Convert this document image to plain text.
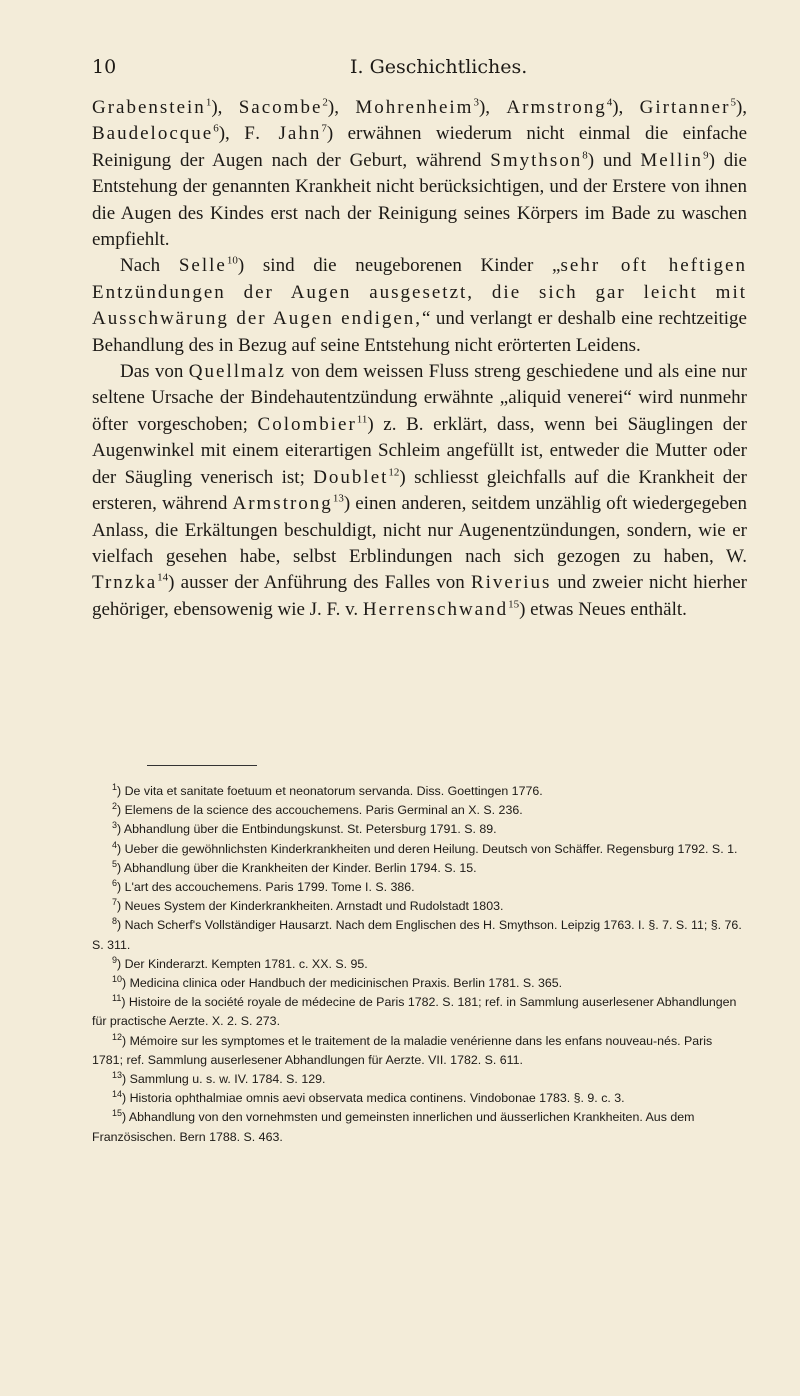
10	I. Geschichtliches.

Grabenstein$^1$), Sacombe$^2$), Mohrenheim$^3$), Armstrong$^4$), Girtanner$^5$), Baudelocque$^6$), F. Jahn$^7$) erwähnen wiederum nicht einmal die einfache Reinigung der Augen nach der Geburt, während Smythson$^8$) und Mellin$^9$) die Entstehung der genannten Krankheit nicht berücksichtigen, und der Erstere von ihnen die Augen des Kindes erst nach der Reinigung seines Körpers im Bade zu waschen empfiehlt.

Nach Selle$^{10}$) sind die neugeborenen Kinder „sehr oft heftigen Entzündungen der Augen ausgesetzt, die sich gar leicht mit Ausschwärung der Augen endigen,“ und verlangt er deshalb eine rechtzeitige Behandlung des in Bezug auf seine Entstehung nicht erörterten Leidens.

Das von Quellmalz von dem weissen Fluss streng geschiedene und als eine nur seltene Ursache der Bindehautentzündung erwähnte „aliquid venerei“ wird nunmehr öfter vorgeschoben; Colombier$^{11}$) z. B. erklärt, dass, wenn bei Säuglingen der Augenwinkel mit einem eiterartigen Schleim angefüllt ist, entweder die Mutter oder der Säugling venerisch ist; Doublet$^{12}$) schliesst gleichfalls auf die Krankheit der ersteren, während Armstrong$^{13}$) einen anderen, seitdem unzählig oft wiedergegeben Anlass, die Erkältungen beschuldigt, nicht nur Augenentzündungen, sondern, wie er vielfach gesehen habe, selbst Erblindungen nach sich gezogen zu haben, W. Trnzka$^{14}$) ausser der Anführung des Falles von Riverius und zweier nicht hierher gehöriger, ebensowenig wie J. F. v. Herrenschwand$^{15}$) etwas Neues enthält.

$^1$) De vita et sanitate foetuum et neonatorum servanda. Diss. Goettingen 1776.

$^2$) Elemens de la science des accouchemens. Paris Germinal an X. S. 236.

$^3$) Abhandlung über die Entbindungskunst. St. Petersburg 1791. S. 89.

$^4$) Ueber die gewöhnlichsten Kinderkrankheiten und deren Heilung. Deutsch von Schäffer. Regensburg 1792. S. 1.

$^5$) Abhandlung über die Krankheiten der Kinder. Berlin 1794. S. 15.

$^6$) L'art des accouchemens. Paris 1799. Tome I. S. 386.

$^7$) Neues System der Kinderkrankheiten. Arnstadt und Rudolstadt 1803.

$^8$) Nach Scherf's Vollständiger Hausarzt. Nach dem Englischen des H. Smythson. Leipzig 1763. I. §. 7. S. 11; §. 76. S. 311.

$^9$) Der Kinderarzt. Kempten 1781. c. XX. S. 95.

$^{10}$) Medicina clinica oder Handbuch der medicinischen Praxis. Berlin 1781. S. 365.

$^{11}$) Histoire de la société royale de médecine de Paris 1782. S. 181; ref. in Sammlung auserlesener Abhandlungen für practische Aerzte. X. 2. S. 273.

$^{12}$) Mémoire sur les symptomes et le traitement de la maladie venérienne dans les enfans nouveau-nés. Paris 1781; ref. Sammlung auserlesener Abhandlungen für Aerzte. VII. 1782. S. 611.

$^{13}$) Sammlung u. s. w. IV. 1784. S. 129.

$^{14}$) Historia ophthalmiae omnis aevi observata medica continens. Vindobonae 1783. §. 9. c. 3.

$^{15}$) Abhandlung von den vornehmsten und gemeinsten innerlichen und äusserlichen Krankheiten. Aus dem Französischen. Bern 1788. S. 463.
